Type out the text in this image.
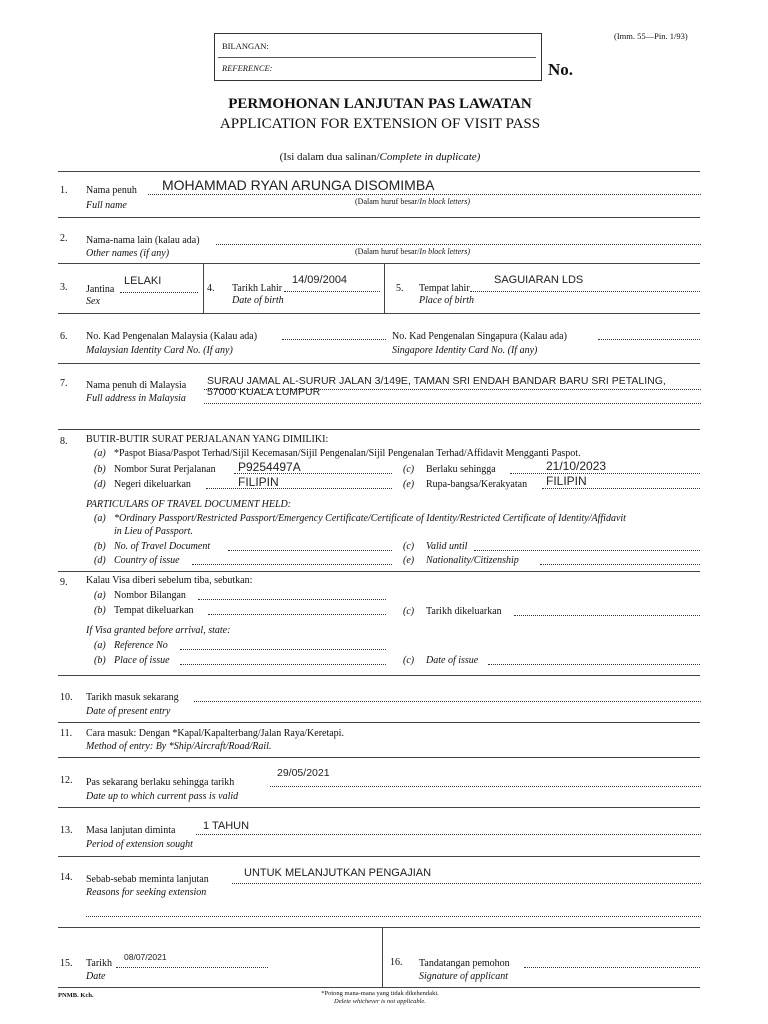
BILANGAN:
REFERENCE:	No.
(Imm. 55—Pin. 1/93)
PERMOHONAN LANJUTAN PAS LAWATAN
APPLICATION FOR EXTENSION OF VISIT PASS
(Isi dalam dua salinan/Complete in duplicate)
1. Nama penuh MOHAMMAD RYAN ARUNGA DISOMIMBA
Full name	(Dalam huruf besar/In block letters)
2. Nama-nama lain (kalau ada)
Other names (if any)	(Dalam huruf besar/In block letters)
3. Jantina
LELAKI
Sex
4. Tarikh Lahir
14/09/2004
Date of birth
5. Tempat lahir
SAGUIARAN LDS
Place of birth
6. No. Kad Pengenalan Malaysia (Kalau ada)
Malaysian Identity Card No. (If any)
No. Kad Pengenalan Singapura (Kalau ada)
Singapore Identity Card No. (If any)
7. Nama penuh di Malaysia SURAU JAMAL AL-SURUR JALAN 3/149E, TAMAN SRI ENDAH BANDAR BARU SRI PETALING,
57000 KUALA LUMPUR
Full address in Malaysia
8. BUTIR-BUTIR SURAT PERJALANAN YANG DIMILIKI:
(a) *Paspot Biasa/Paspot Terhad/Sijil Kecemasan/Sijil Pengenalan/Sijil Pengenalan Terhad/Affidavit Mengganti Paspot.
(b) Nombor Surat Perjalanan P9254497A	(c) Berlaku sehingga	21/10/2023
(d) Negeri dikeluarkan	FILIPIN	(e) Rupa-bangsa/Kerakyatan FILIPIN
PARTICULARS OF TRAVEL DOCUMENT HELD:
(a) *Ordinary Passport/Restricted Passport/Emergency Certificate/Certificate of Identity/Restricted Certificate of Identity/Affidavit
in Lieu of Passport.
(b) No. of Travel Document	(c) Valid until
(d) Country of issue	(e) Nationality/Citizenship
9. Kalau Visa diberi sebelum tiba, sebutkan:
(a) Nombor Bilangan
(b) Tempat dikeluarkan	(c) Tarikh dikeluarkan
If Visa granted before arrival, state:
(a) Reference No
(b) Place of issue	(c) Date of issue
10. Tarikh masuk sekarang
Date of present entry
11. Cara masuk: Dengan *Kapal/Kapalterbang/Jalan Raya/Keretapi.
Method of entry: By *Ship/Aircraft/Road/Rail.
12. Pas sekarang berlaku sehingga tarikh
29/05/2021
Date up to which current pass is valid
13. Masa lanjutan diminta	1 TAHUN
Period of extension sought
14. Sebab-sebab meminta lanjutan
UNTUK MELANJUTKAN PENGAJIAN
Reasons for seeking extension
15. Tarikh
08/07/2021
Date
16. Tandatangan pemohon
Signature of applicant
PNMB. Kch.	*Potong mana-mana yang tidak dikehendaki.
Delete whichever is not applicable.
